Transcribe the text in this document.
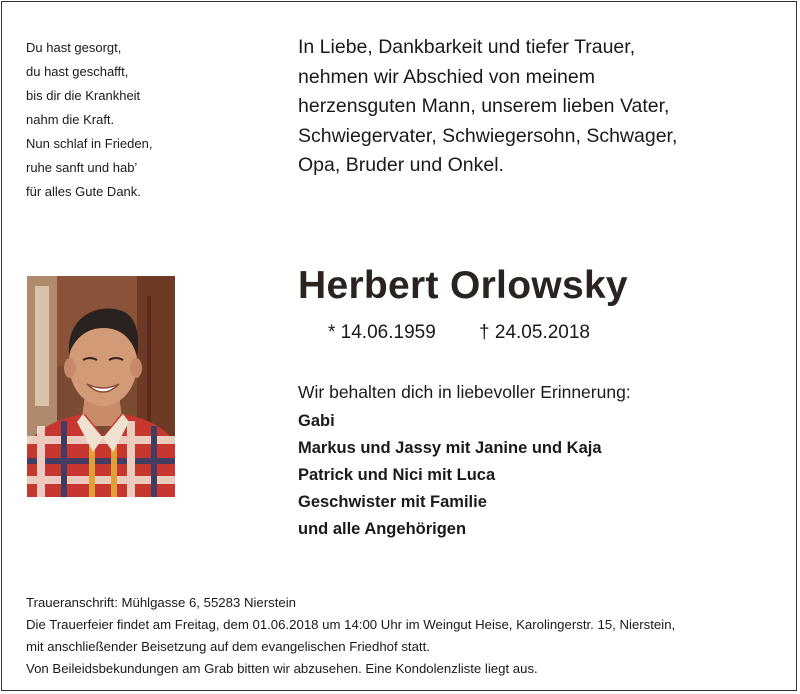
Du hast gesorgt,
du hast geschafft,
bis dir die Krankheit
nahm die Kraft.
Nun schlaf in Frieden,
ruhe sanft und hab’
für alles Gute Dank.
In Liebe, Dankbarkeit und tiefer Trauer,
nehmen wir Abschied von meinem
herzensguten Mann, unserem lieben Vater,
Schwiegervater, Schwiegersohn, Schwager,
Opa, Bruder und Onkel.
Herbert Orlowsky
* 14.06.1959 † 24.05.2018
Wir behalten dich in liebevoller Erinnerung:
Gabi
Markus und Jassy mit Janine und Kaja
Patrick und Nici mit Luca
Geschwister mit Familie
und alle Angehörigen
Traueranschrift: Mühlgasse 6, 55283 Nierstein
Die Trauerfeier findet am Freitag, dem 01.06.2018 um 14:00 Uhr im Weingut Heise, Karolingerstr. 15, Nierstein,
mit anschließender Beisetzung auf dem evangelischen Friedhof statt.
Von Beileidsbekundungen am Grab bitten wir abzusehen. Eine Kondolenzliste liegt aus.
